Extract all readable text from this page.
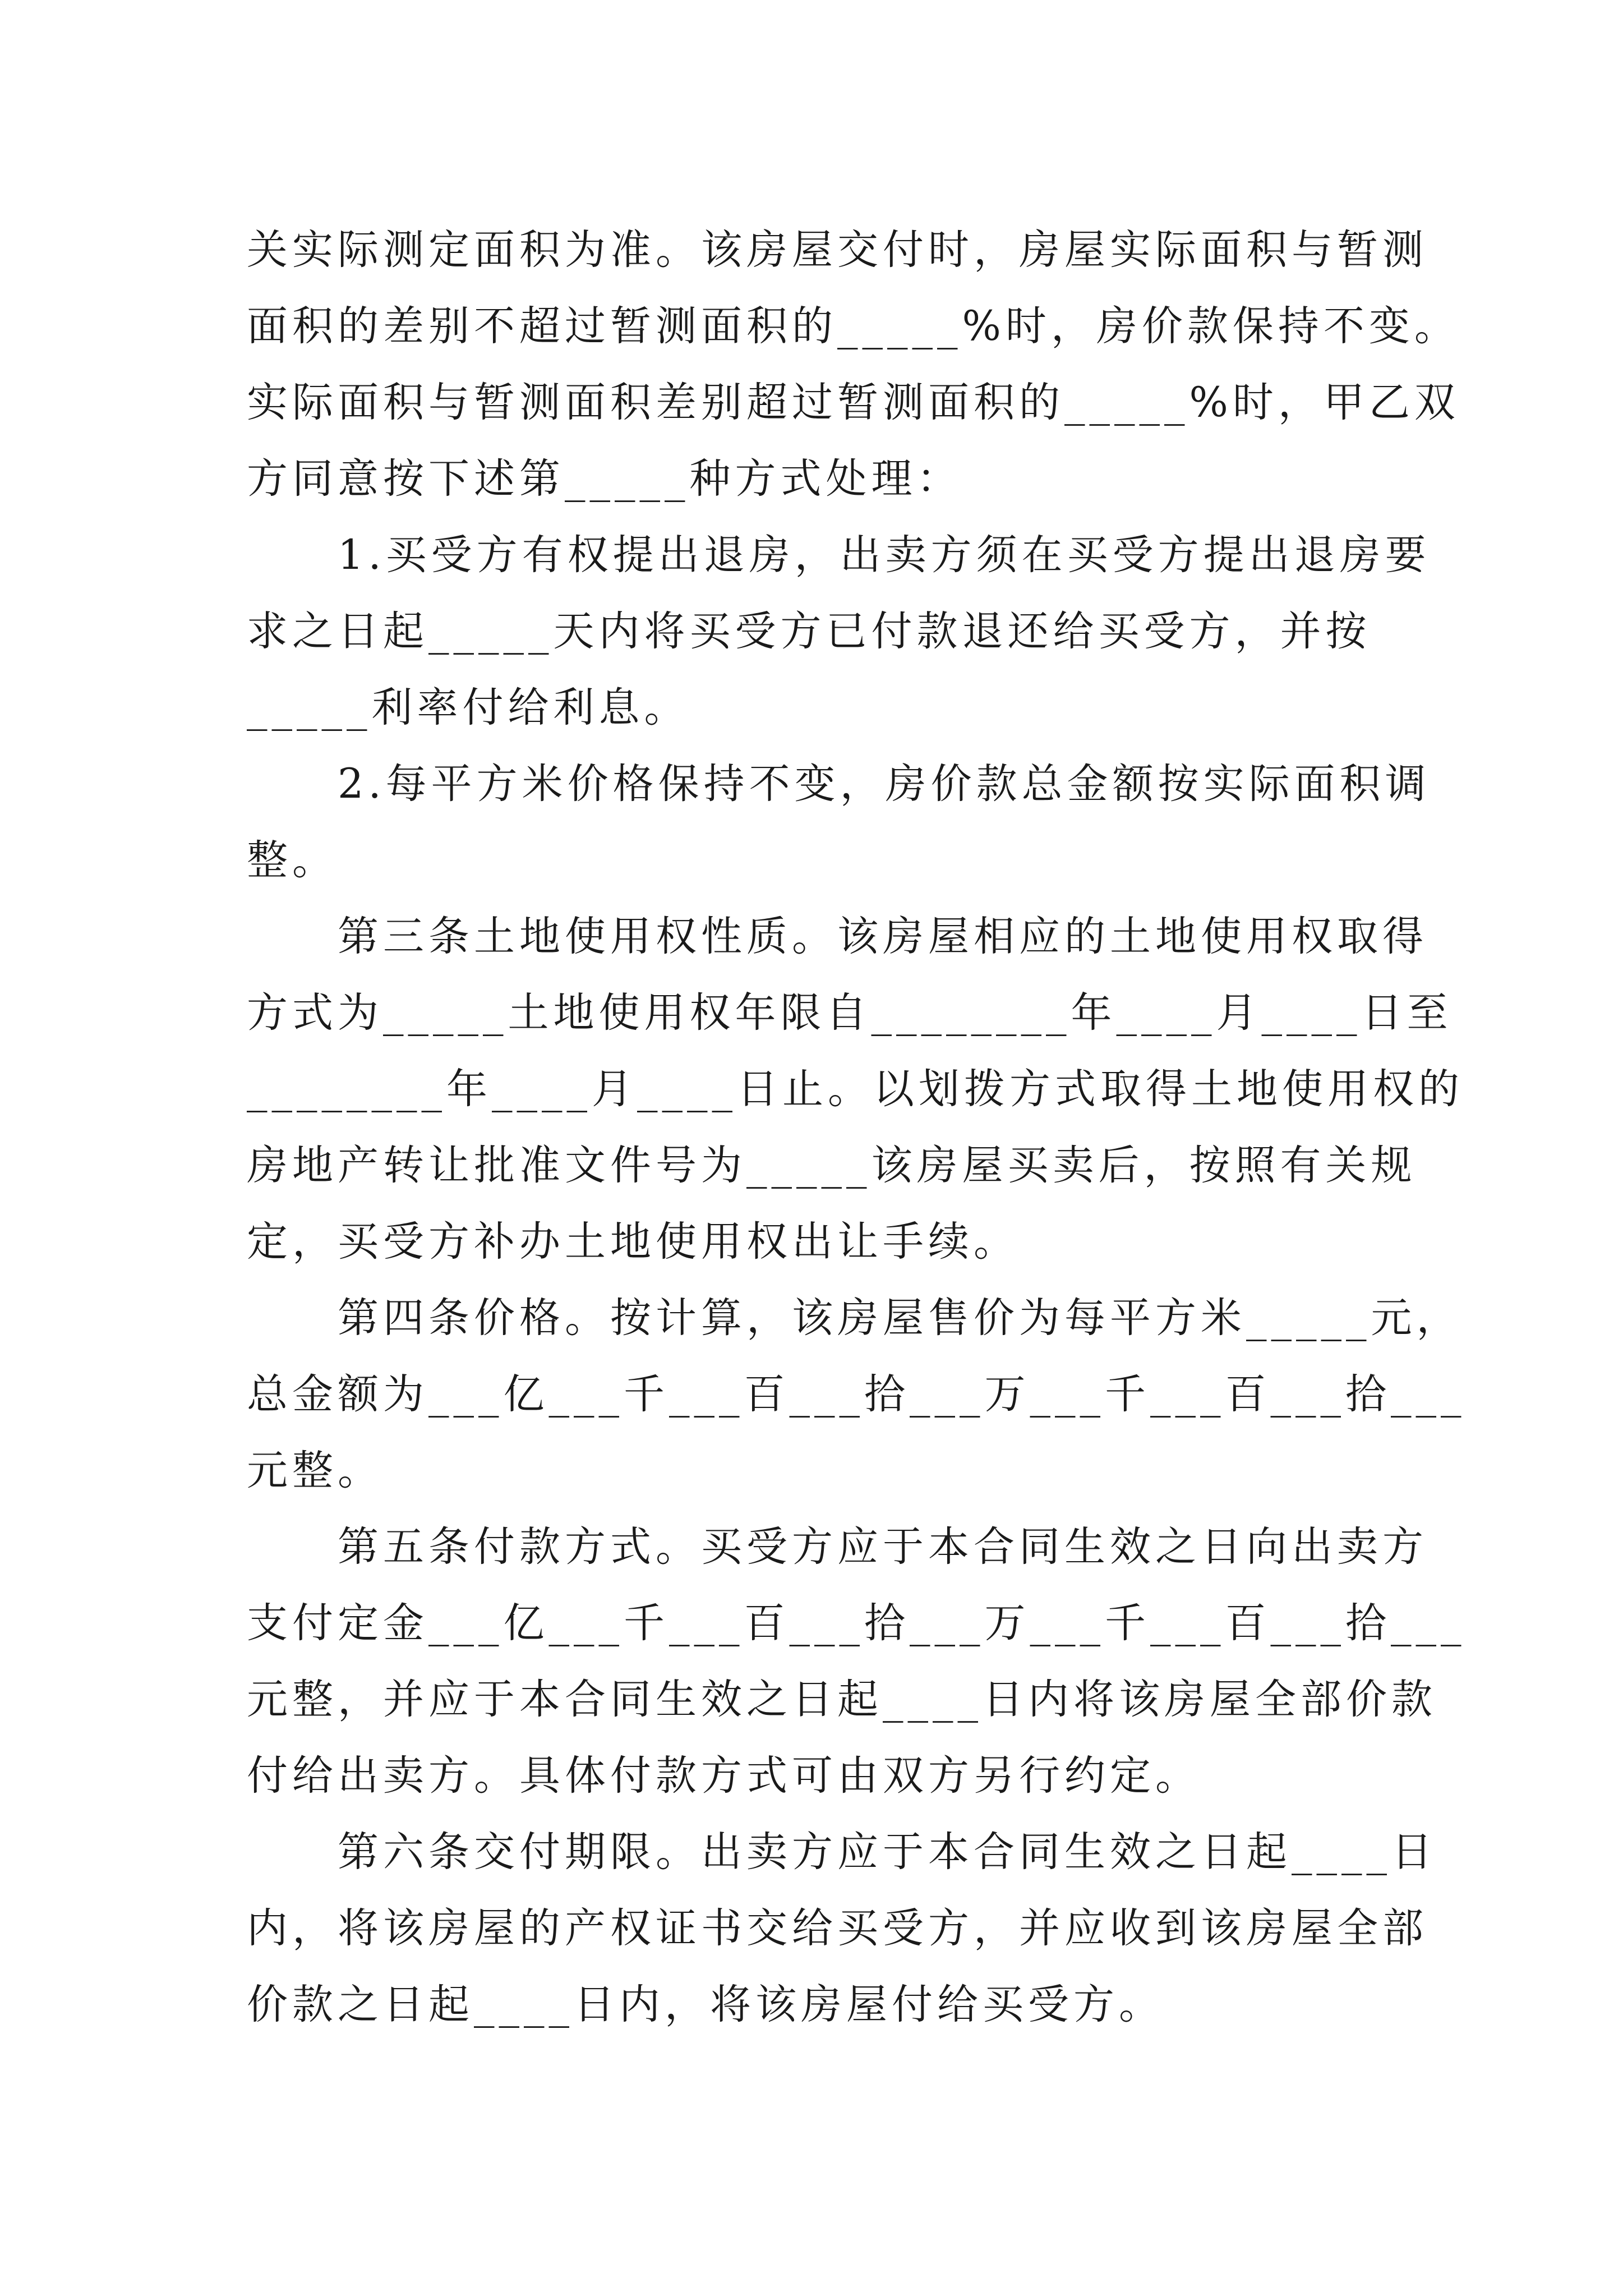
关实际测定面积为准。该房屋交付时，房屋实际面积与暂测
面积的差别不超过暂测面积的_____%时，房价款保持不变。
实际面积与暂测面积差别超过暂测面积的_____%时，甲乙双
方同意按下述第_____种方式处理：
1.买受方有权提出退房，出卖方须在买受方提出退房要
求之日起_____天内将买受方已付款退还给买受方，并按
_____利率付给利息。
2.每平方米价格保持不变，房价款总金额按实际面积调
整。
第三条土地使用权性质。该房屋相应的土地使用权取得
方式为_____土地使用权年限自________年____月____日至
________年____月____日止。以划拨方式取得土地使用权的
房地产转让批准文件号为_____该房屋买卖后，按照有关规
定，买受方补办土地使用权出让手续。
第四条价格。按计算，该房屋售价为每平方米_____元，
总金额为___亿___千___百___拾___万___千___百___拾___
元整。
第五条付款方式。买受方应于本合同生效之日向出卖方
支付定金___亿___千___百___拾___万___千___百___拾___
元整，并应于本合同生效之日起____日内将该房屋全部价款
付给出卖方。具体付款方式可由双方另行约定。
第六条交付期限。出卖方应于本合同生效之日起____日
内，将该房屋的产权证书交给买受方，并应收到该房屋全部
价款之日起____日内，将该房屋付给买受方。
